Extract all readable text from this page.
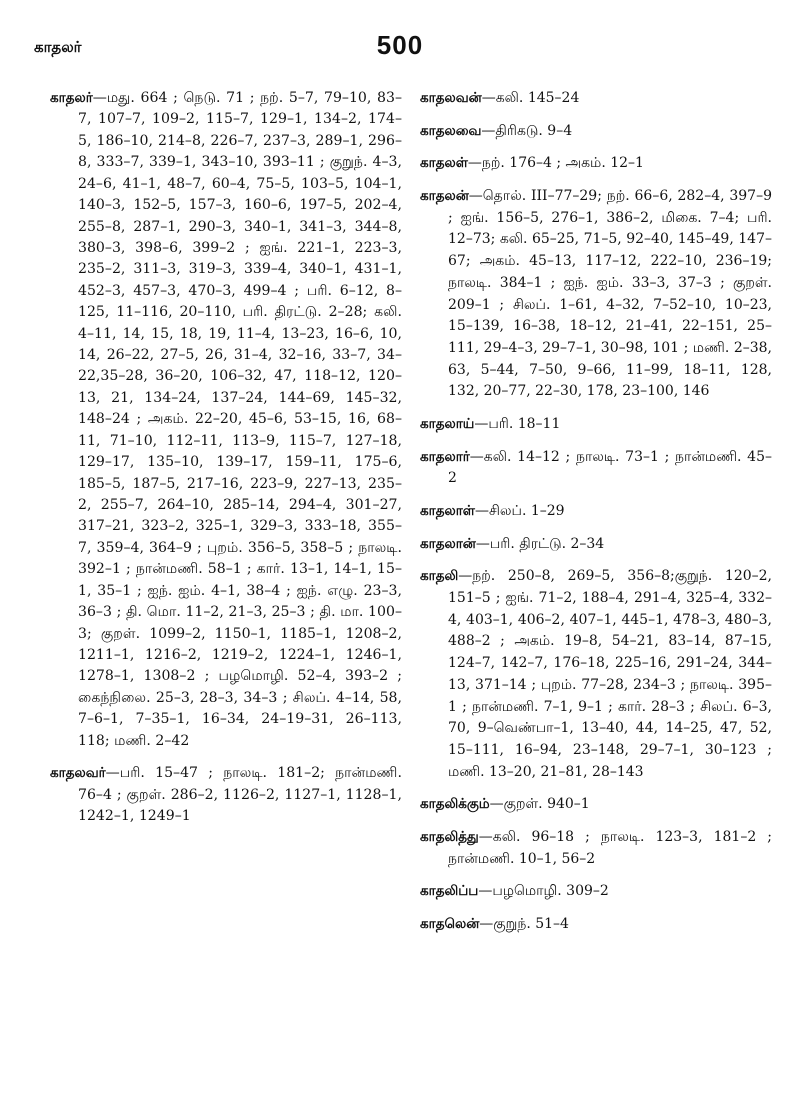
காதலர்	500

காதலர்—மது. 664 ; நெடு. 71 ; நற். 5–7, 79–10, 83–7, 107–7, 109–2, 115–7, 129–1, 134–2, 174–5, 186–10, 214–8, 226–7, 237–3, 289–1, 296–8, 333–7, 339–1, 343–10, 393–11 ; குறுந். 4–3, 24–6, 41–1, 48–7, 60–4, 75–5, 103–5, 104–1, 140–3, 152–5, 157–3, 160–6, 197–5, 202–4, 255–8, 287–1, 290–3, 340–1, 341–3, 344–8, 380–3, 398–6, 399–2 ; ஐங். 221–1, 223–3, 235–2, 311–3, 319–3, 339–4, 340–1, 431–1, 452–3, 457–3, 470–3, 499–4 ; பரி. 6–12, 8–125, 11–116, 20–110, பரி. திரட்டு. 2–28; கலி. 4–11, 14, 15, 18, 19, 11–4, 13–23, 16–6, 10, 14, 26–22, 27–5, 26, 31–4, 32–16, 33–7, 34–22,35–28, 36–20, 106–32, 47, 118–12, 120–13, 21, 134–24, 137–24, 144–69, 145–32, 148–24 ; அகம். 22–20, 45–6, 53–15, 16, 68–11, 71–10, 112–11, 113–9, 115–7, 127–18, 129–17, 135–10, 139–17, 159–11, 175–6, 185–5, 187–5, 217–16, 223–9, 227–13, 235–2, 255–7, 264–10, 285–14, 294–4, 301–27, 317–21, 323–2, 325–1, 329–3, 333–18, 355–7, 359–4, 364–9 ; புறம். 356–5, 358–5 ; நாலடி. 392–1 ; நான்மணி. 58–1 ; கார். 13–1, 14–1, 15–1, 35–1 ; ஐந். ஐம். 4–1, 38–4 ; ஐந். எழு. 23–3, 36–3 ; தி. மொ. 11–2, 21–3, 25–3 ; தி. மா. 100–3; குறள். 1099–2, 1150–1, 1185–1, 1208–2, 1211–1, 1216–2, 1219–2, 1224–1, 1246–1, 1278–1, 1308–2 ; பழமொழி. 52–4, 393–2 ; கைந்நிலை. 25–3, 28–3, 34–3 ; சிலப். 4–14, 58, 7–6–1, 7–35–1, 16–34, 24–19–31, 26–113, 118; மணி. 2–42

காதலவர்—பரி. 15–47 ; நாலடி. 181–2; நான்மணி. 76–4 ; குறள். 286–2, 1126–2, 1127–1, 1128–1, 1242–1, 1249–1

காதலவன்—கலி. 145–24

காதலவை—திரிகடு. 9–4

காதலள்—நற். 176–4 ; அகம். 12–1

காதலன்—தொல். III–77–29; நற். 66–6, 282–4, 397–9 ; ஐங். 156–5, 276–1, 386–2, மிகை. 7–4; பரி. 12–73; கலி. 65–25, 71–5, 92–40, 145–49, 147–67; அகம். 45–13, 117–12, 222–10, 236–19; நாலடி. 384–1 ; ஐந். ஐம். 33–3, 37–3 ; குறள். 209–1 ; சிலப். 1–61, 4–32, 7–52–10, 10–23, 15–139, 16–38, 18–12, 21–41, 22–151, 25–111, 29–4–3, 29–7–1, 30–98, 101 ; மணி. 2–38, 63, 5–44, 7–50, 9–66, 11–99, 18–11, 128, 132, 20–77, 22–30, 178, 23–100, 146

காதலாய்—பரி. 18–11

காதலார்—கலி. 14–12 ; நாலடி. 73–1 ; நான்மணி. 45–2

காதலாள்—சிலப். 1–29

காதலான்—பரி. திரட்டு. 2–34

காதலி—நற். 250–8, 269–5, 356–8;குறுந். 120–2, 151–5 ; ஐங். 71–2, 188–4, 291–4, 325–4, 332–4, 403–1, 406–2, 407–1, 445–1, 478–3, 480–3, 488–2 ; அகம். 19–8, 54–21, 83–14, 87–15, 124–7, 142–7, 176–18, 225–16, 291–24, 344–13, 371–14 ; புறம். 77–28, 234–3 ; நாலடி. 395–1 ; நான்மணி. 7–1, 9–1 ; கார். 28–3 ; சிலப். 6–3, 70, 9–வெண்பா–1, 13–40, 44, 14–25, 47, 52, 15–111, 16–94, 23–148, 29–7–1, 30–123 ; மணி. 13–20, 21–81, 28–143

காதலிக்கும்—குறள். 940–1

காதலித்து—கலி. 96–18 ; நாலடி. 123–3, 181–2 ; நான்மணி. 10–1, 56–2

காதலிப்ப—பழமொழி. 309–2

காதலென்—குறுந். 51–4
